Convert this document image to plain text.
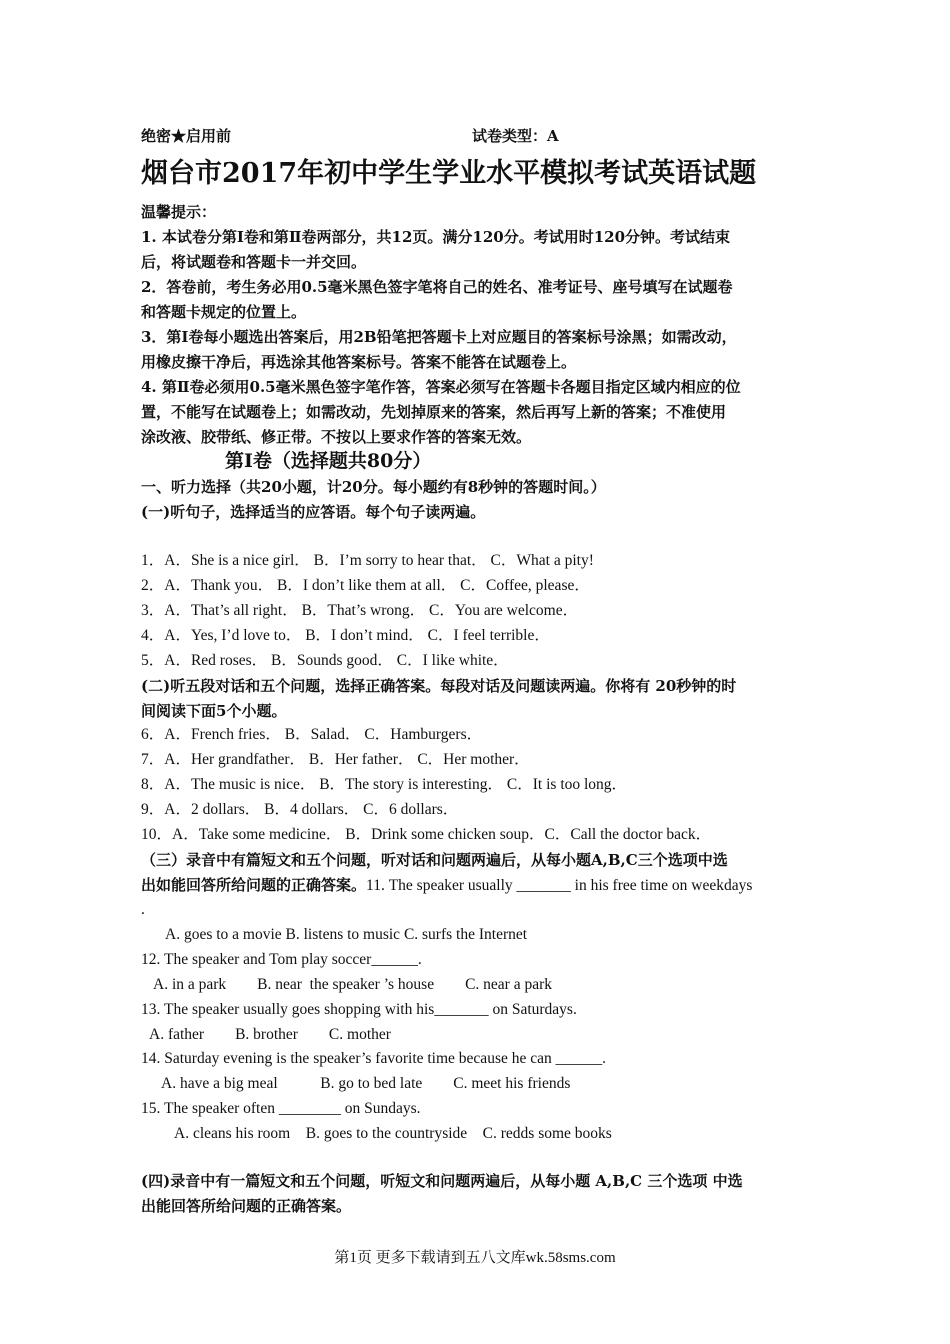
绝密★启用前	试卷类型：A
烟台市2017年初中学生学业水平模拟考试英语试题
温馨提示：
1. 本试卷分第Ⅰ卷和第Ⅱ卷两部分，共12页。满分120分。考试用时120分钟。考试结束
后，将试题卷和答题卡一并交回。
2．答卷前，考生务必用0.5毫米黑色签字笔将自己的姓名、准考证号、座号填写在试题卷
和答题卡规定的位置上。
3．第Ⅰ卷每小题选出答案后，用2B铅笔把答题卡上对应题目的答案标号涂黑；如需改动，
用橡皮擦干净后，再选涂其他答案标号。答案不能答在试题卷上。
4. 第Ⅱ卷必须用0.5毫米黑色签字笔作答，答案必须写在答题卡各题目指定区域内相应的位
置，不能写在试题卷上；如需改动，先划掉原来的答案，然后再写上新的答案；不准使用
涂改液、胶带纸、修正带。不按以上要求作答的答案无效。
第I卷（选择题共80分）
一、听力选择（共20小题，计20分。每小题约有8秒钟的答题时间。）
(一)听句子，选择适当的应答语。每个句子读两遍。
1．A．She is a nice girl． B．I’m sorry to hear that． C．What a pity!
2．A．Thank you． B．I don’t like them at all． C．Coffee, please．
3．A．That’s all right． B．That’s wrong． C．You are welcome．
4．A．Yes, I’d love to． B．I don’t mind． C．I feel terrible．
5．A．Red roses． B．Sounds good． C．I like white．
(二)听五段对话和五个问题，选择正确答案。每段对话及问题读两遍。你将有 20秒钟的时
间阅读下面5个小题。
6．A．French fries． B．Salad． C．Hamburgers．
7．A．Her grandfather． B．Her father． C．Her mother．
8．A．The music is nice． B．The story is interesting． C．It is too long．
9．A．2 dollars． B．4 dollars． C．6 dollars．
10．A．Take some medicine． B．Drink some chicken soup．C．Call the doctor back．
（三）录音中有篇短文和五个问题，听对话和问题两遍后，从每小题A,B,C三个选项中选
出如能回答所给问题的正确答案。11. The speaker usually _______ in his free time on weekdays
.
A. goes to a movie B. listens to music C. surfs the Internet
12. The speaker and Tom play soccer______.
A. in a park        B. near  the speaker ’s house        C. near a park
13. The speaker usually goes shopping with his_______ on Saturdays.
A. father        B. brother        C. mother
14. Saturday evening is the speaker’s favorite time because he can ______.
A. have a big meal           B. go to bed late        C. meet his friends
15. The speaker often ________ on Sundays.
A. cleans his room    B. goes to the countryside    C. redds some books
(四)录音中有一篇短文和五个问题，听短文和问题两遍后，从每小题 A,B,C 三个选项 中选
出能回答所给问题的正确答案。
第1页 更多下载请到五八文库wk.58sms.com
